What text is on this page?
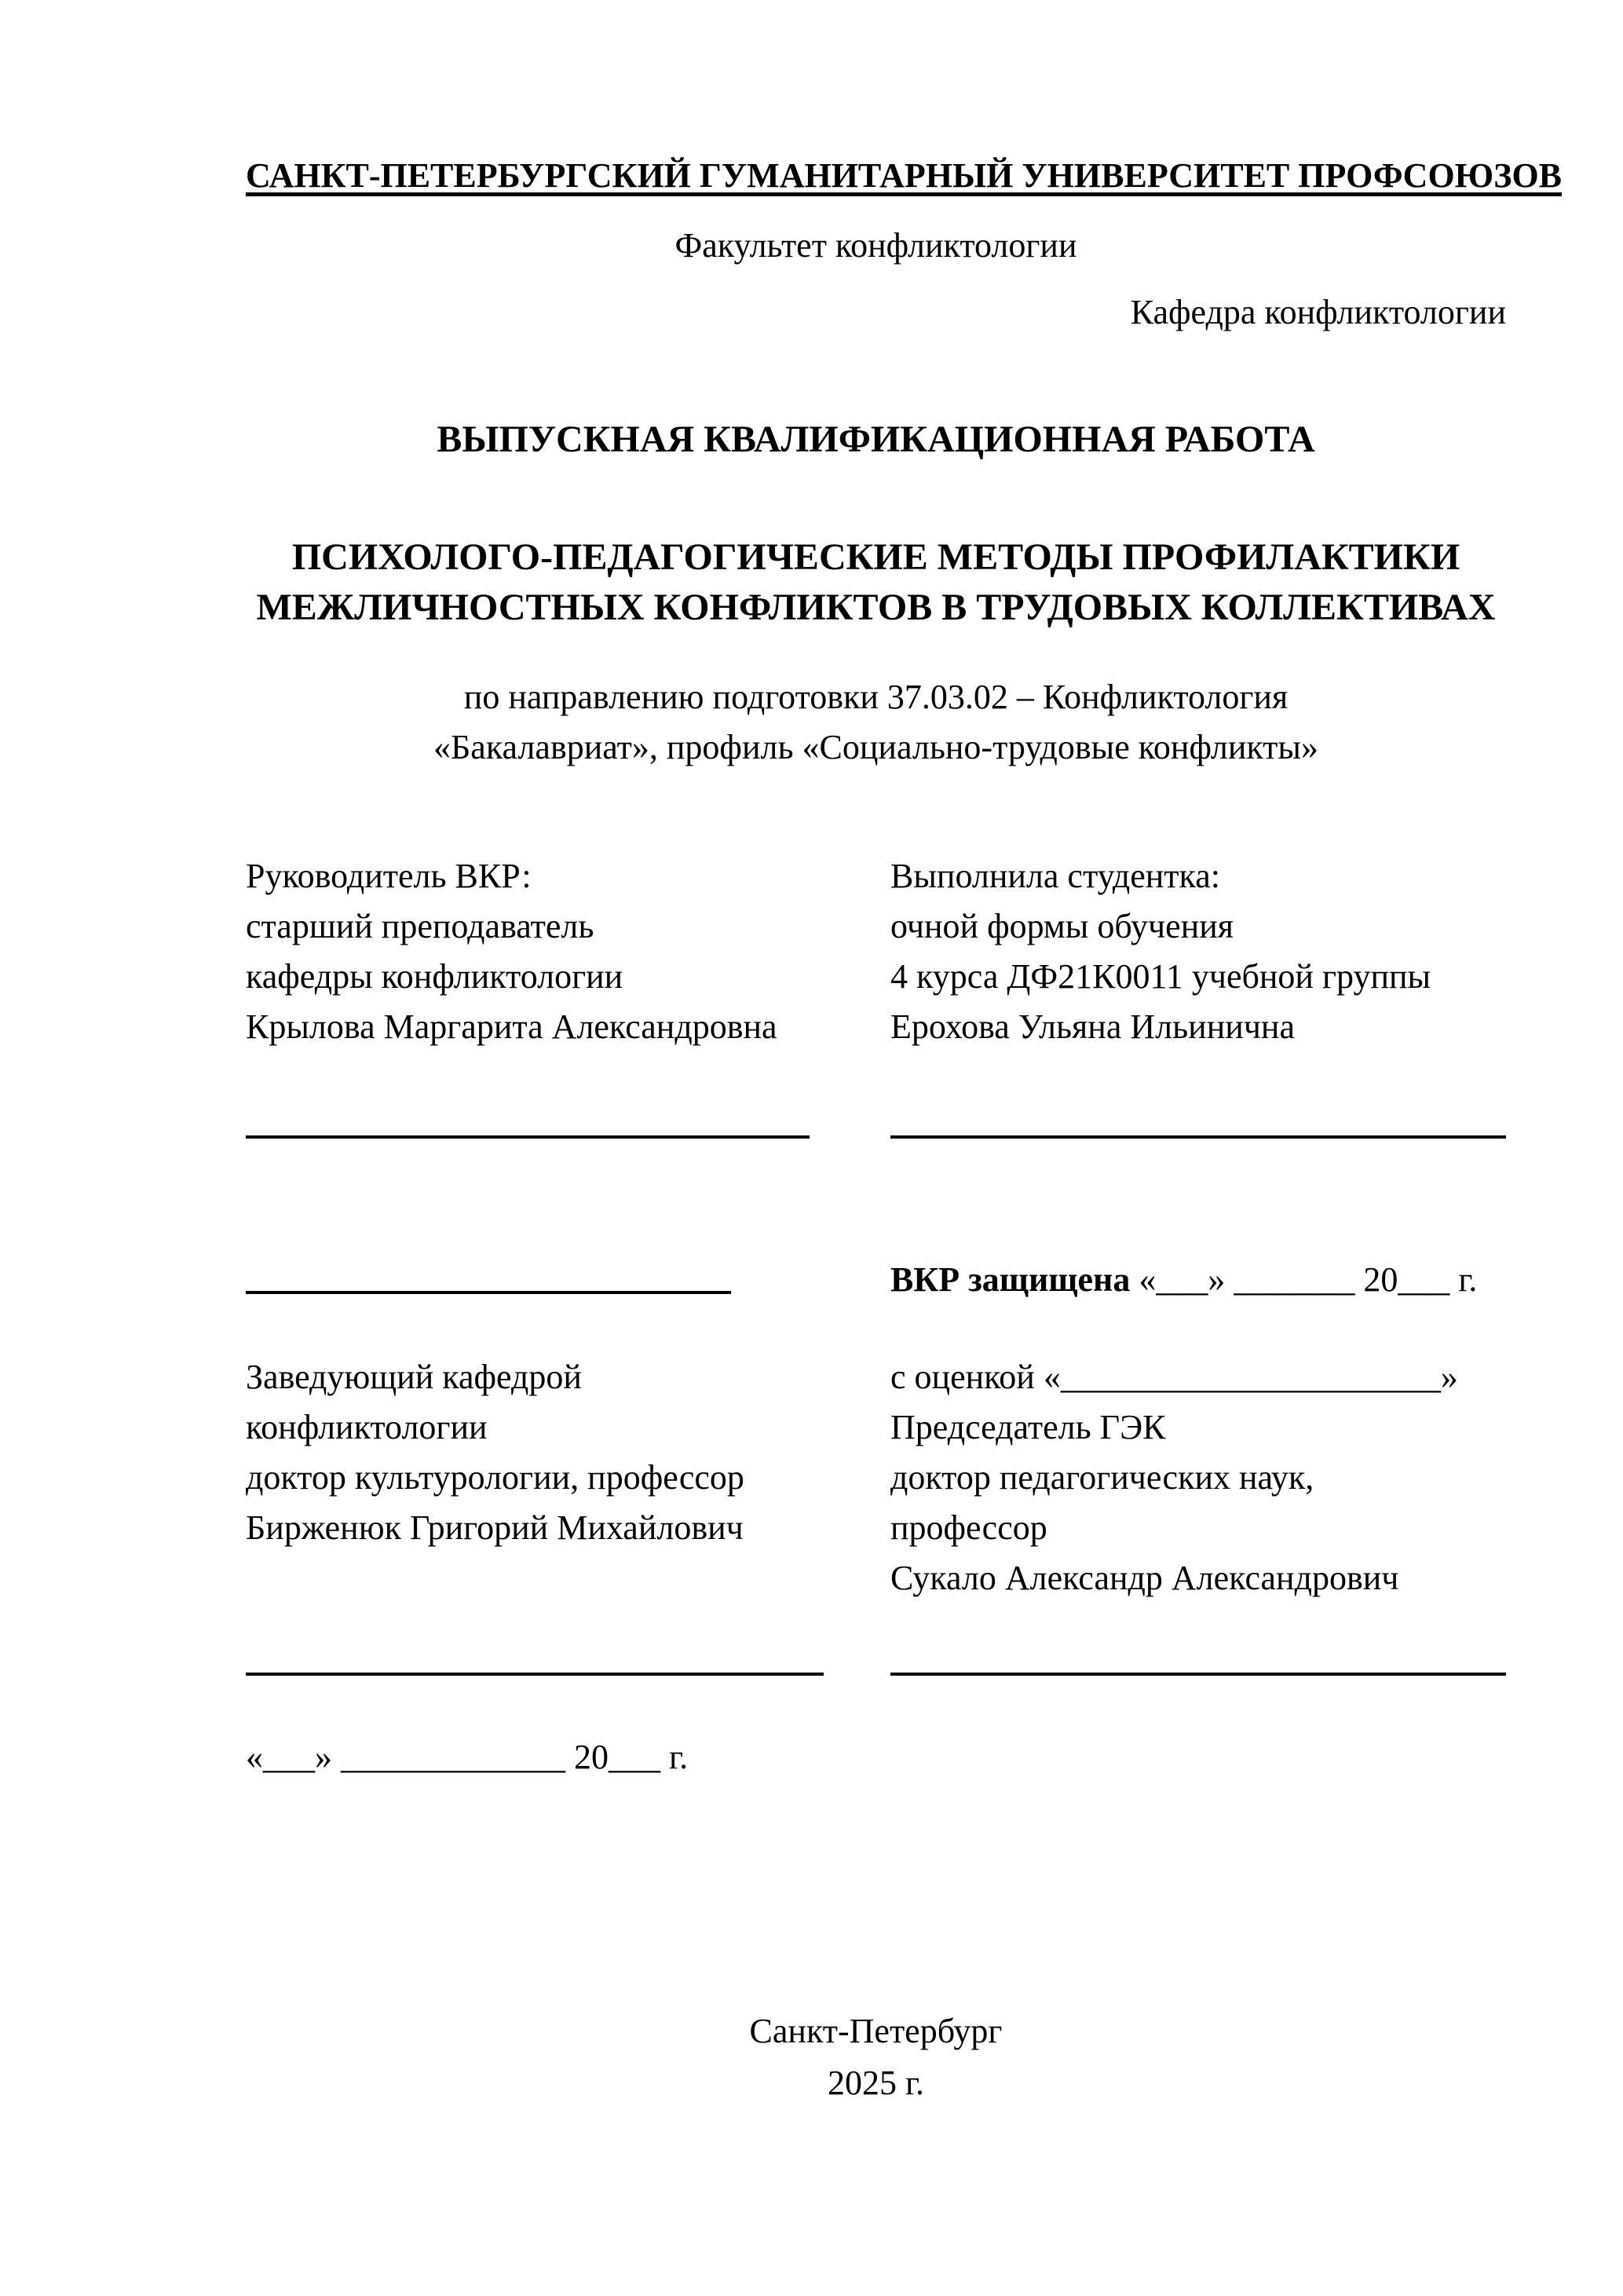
САНКТ-ПЕТЕРБУРГСКИЙ ГУМАНИТАРНЫЙ УНИВЕРСИТЕТ ПРОФСОЮЗОВ
Факультет конфликтологии
Кафедра конфликтологии
ВЫПУСКНАЯ КВАЛИФИКАЦИОННАЯ РАБОТА
ПСИХОЛОГО-ПЕДАГОГИЧЕСКИЕ МЕТОДЫ ПРОФИЛАКТИКИ
МЕЖЛИЧНОСТНЫХ КОНФЛИКТОВ В ТРУДОВЫХ КОЛЛЕКТИВАХ
по направлению подготовки 37.03.02 – Конфликтология
«Бакалавриат», профиль «Социально-трудовые конфликты»
Руководитель ВКР:
старший преподаватель
кафедры конфликтологии
Крылова Маргарита Александровна
Выполнила студентка:
очной формы обучения
4 курса ДФ21К0011 учебной группы
Ерохова Ульяна Ильинична
ВКР защищена «___» _______ 20___ г.
Заведующий кафедрой
конфликтологии
доктор культурологии, профессор
Бирженюк Григорий Михайлович
с оценкой «______________________»
Председатель ГЭК
доктор педагогических наук,
профессор
Сукало Александр Александрович
«___» _____________ 20___ г.
Санкт-Петербург
2025 г.
